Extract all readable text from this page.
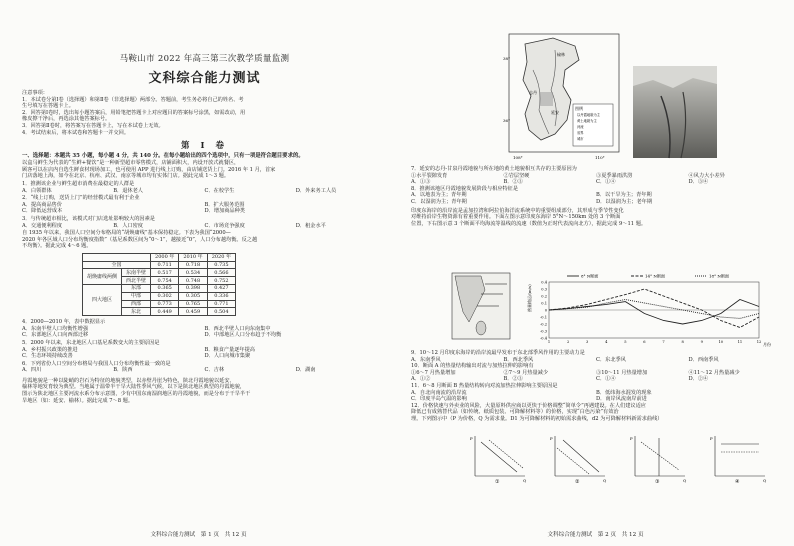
马鞍山市 2022 年高三第三次教学质量监测
文科综合能力测试
注意事项：
1．本试卷分第Ⅰ卷（选择题）和第Ⅱ卷（非选择题）两部分。答题前，考生务必将自己的姓名、考
生号填写在答题卡上。
2．回答第Ⅰ卷时，选出每小题答案后，用铅笔把答题卡上对应题目的答案标号涂黑，如需改动，用
橡皮擦干净后，再选涂其他答案标号。
3．回答第Ⅱ卷时，将答案写在答题卡上，写在本试卷上无效。
4．考试结束后，将本试卷和答题卡一并交回。
第 Ⅰ 卷
一、选择题：本题共 35 小题，每小题 4 分，共 140 分。在每小题给出的四个选项中，只有一项是符合题目要求的。
以盒马鲜生为代表的“生鲜+餐饮”是一种新型超市零售模式，店铺面积大，内设开放式就餐区，
顾客可以在店内自选生鲜食材现场加工，也可使用 APP 进行线上订购，由店铺送货上门。2016 年 1 月，首家
门店落地上海，如今在北京、杭州、武汉、南京等城市均有实体门店。据此完成 1～3 题。
1．推测该企业与鲜生超市消费在最稳定的人群是
A．白领群体	B．退休老人	C．在校学生	D．外来务工人员
2．“线上订购，送货上门”的经营模式最有利于企业
A．提高商品售价	B．扩大服务范围
C．降低运营成本	D．增加商品种类
3．与传统超市相比，该模式对门店选址影响较大的因素是
A．交通便利程度	B．人口密度	C．市场竞争强度	D．租金水平
自 1935 年以来，我国人口空间分布格局的“胡焕庸线”基本保持稳定。下表为我国“2000—
2020 年各区域人口分布均衡度指数”（基尼系数区间为“0～1”，越接近“0”，人口分布越均衡。反之越
不均衡）。据此完成 4～6 题。
		2000 年	2010 年	2020 年
全国		0.711	0.718	0.735
胡焕庸线两侧	东南半壁	0.517	0.534	0.566
	西北半壁	0.754	0.748	0.752
四大地区	东部	0.365	0.398	0.427
	中部	0.302	0.305	0.336
	西部	0.773	0.765	0.771
	东北	0.449	0.459	0.504
4．2000—2010 年，表中数据显示
A．东南半壁人口均衡性增强	B．西北半壁人口向东南集中
C．东部地区人口向西部迁移	D．中部地区人口分布趋于不均衡
5．2000 年以来，东北地区人口基尼系数变大的主要原因是
A．乡村振兴政策的推进	B．粮食产量逐年提高
C．生态环境持续改善	D．人口向城市集聚
6．下列省份人口空间分布格局与我国人口分布均衡性最一致的是
A．四川	B．陕西	C．吉林	D．湖南
丹霞地貌是一种以陡峭的岩石为特征的地貌类型，以赤壁丹崖为特色，陕北丹霞地貌以延安、
榆林等地发育较为典型。当地属于温带半干旱大陆性季风气候，以下是陕北地区典型的丹霞地貌，
图示为陕北地区主要河流水系分布示意图，少有中国东南湿润地区的丹霞地貌，而是分布于干旱半干
旱地区（如：延安、榆林）。据此完成 7～8 题。
文科综合能力测试　第 1 页　共 12 页
图例
以丹霞地貌为主
黄土地貌为主
河流
省界
城市
榆林
延安
志丹
108°	110°
38°
36°
7．延安的志丹-甘泉丹霞地貌与所在地的黄土地貌相互共存的主要原因为
①水平裂隙发育	②岩层坚硬	③夏季暴雨洪涝	④风力大小差异
A．①③	B．②③	C．①④	D．③④
8．推测该地区丹霞地貌发展阶段与相应特征是
A．以地表为主；青年期	B．以干旱为主；青年期
C．以湿润为主；青年期	D．以湿润为主；老年期
印度东海岸的沿岸流是孟加拉湾和阿拉伯海洋流系统中的重要组成部分，其形成与季节性变化
对维持沿岸生物资源有着重要作用。下面左图示意印度东海岸 5°N～150km 处的 3 个断面
位置，下右图示意 3 个断面平均海流等温线的流速（数值为正时代表流向北方），据此完成 9～11 题。
0.4
0.3
0.2
0.1
0
-0.1
-0.2
-0.3
-0.4
1	2	3	4	5	6	7	8	9	10	11	12
8° N断面	14° N断面	18° N断面
热量输运/(m/s)
月份
9．10～12 月印度东海岸的沿岸流最早发布于东北部季风作用的主要动力是
A．东南季风	B．西北季风	C．东北季风	D．西南季风
10．断面 A 的热量结构输出对流与加热拉伸的影响有
①6～7 月热量增加	②7～9 月热量减少	③10～11 月热量增加	④11～12 月热量减少
A．①②	B．②③	C．①④	D．②④
11．6～8 月断面 B 热量结构转向对流加热拉伸影响主要原因是
A．自北向南流的沿岸流	B．低纬海水混发的现象
C．印度半岛气温的影响	D．南岸风流南岸前进
12．价格快速与外卖业的风险，大量原料供应商以更快于价格调整“简单令”再遇建设。在人们建议适应
降低已有成熟替代品（如传统、纸质包装、可降解材料等）的价格，实现“白色污染”有效治
理。下列图示中（P 为价格，Q 为需求量。D1 为可降解材料的初始需求曲线，d2 为可降解材料新需求曲线）
P
Q
①
P
Q
②
P
Q
③
P
Q
④
文科综合能力测试　第 2 页　共 12 页
